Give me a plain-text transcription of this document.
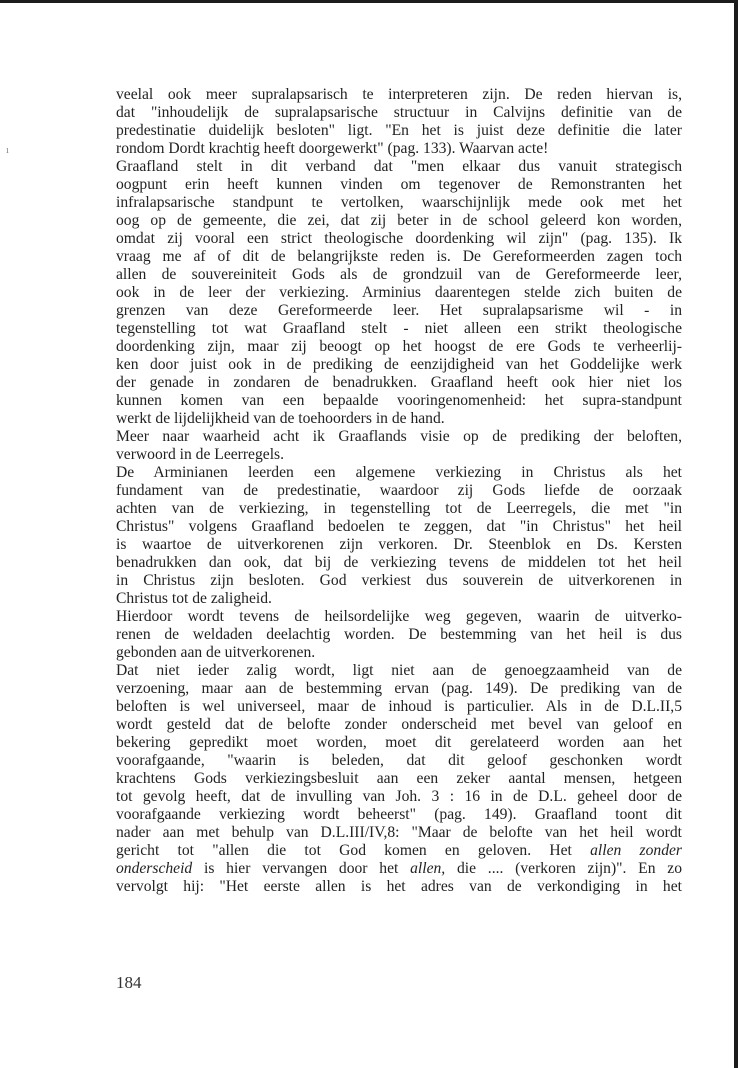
ı

veelal ook meer supralapsarisch te interpreteren zijn. De reden hiervan is,

dat "inhoudelijk de supralapsarische structuur in Calvijns definitie van de

predestinatie duidelijk besloten" ligt. "En het is juist deze definitie die later

rondom Dordt krachtig heeft doorgewerkt" (pag. 133). Waarvan acte!

Graafland stelt in dit verband dat "men elkaar dus vanuit strategisch

oogpunt erin heeft kunnen vinden om tegenover de Remonstranten het

infralapsarische standpunt te vertolken, waarschijnlijk mede ook met het

oog op de gemeente, die zei, dat zij beter in de school geleerd kon worden,

omdat zij vooral een strict theologische doordenking wil zijn" (pag. 135). Ik

vraag me af of dit de belangrijkste reden is. De Gereformeerden zagen toch

allen de souvereiniteit Gods als de grondzuil van de Gereformeerde leer,

ook in de leer der verkiezing. Arminius daarentegen stelde zich buiten de

grenzen van deze Gereformeerde leer. Het supralapsarisme wil - in

tegenstelling tot wat Graafland stelt - niet alleen een strikt theologische

doordenking zijn, maar zij beoogt op het hoogst de ere Gods te verheerlij-

ken door juist ook in de prediking de eenzijdigheid van het Goddelijke werk

der genade in zondaren de benadrukken. Graafland heeft ook hier niet los

kunnen komen van een bepaalde vooringenomenheid: het supra-standpunt

werkt de lijdelijkheid van de toehoorders in de hand.

Meer naar waarheid acht ik Graaflands visie op de prediking der beloften,

verwoord in de Leerregels.

De Arminianen leerden een algemene verkiezing in Christus als het

fundament van de predestinatie, waardoor zij Gods liefde de oorzaak

achten van de verkiezing, in tegenstelling tot de Leerregels, die met "in

Christus" volgens Graafland bedoelen te zeggen, dat "in Christus" het heil

is waartoe de uitverkorenen zijn verkoren. Dr. Steenblok en Ds. Kersten

benadrukken dan ook, dat bij de verkiezing tevens de middelen tot het heil

in Christus zijn besloten. God verkiest dus souverein de uitverkorenen in

Christus tot de zaligheid.

Hierdoor wordt tevens de heilsordelijke weg gegeven, waarin de uitverko-

renen de weldaden deelachtig worden. De bestemming van het heil is dus

gebonden aan de uitverkorenen.

Dat niet ieder zalig wordt, ligt niet aan de genoegzaamheid van de

verzoening, maar aan de bestemming ervan (pag. 149). De prediking van de

beloften is wel universeel, maar de inhoud is particulier. Als in de D.L.II,5

wordt gesteld dat de belofte zonder onderscheid met bevel van geloof en

bekering gepredikt moet worden, moet dit gerelateerd worden aan het

voorafgaande, "waarin is beleden, dat dit geloof geschonken wordt

krachtens Gods verkiezingsbesluit aan een zeker aantal mensen, hetgeen

tot gevolg heeft, dat de invulling van Joh. 3 : 16 in de D.L. geheel door de

voorafgaande verkiezing wordt beheerst" (pag. 149). Graafland toont dit

nader aan met behulp van D.L.III/IV,8: "Maar de belofte van het heil wordt

gericht tot "allen die tot God komen en geloven. Het allen zonder

onderscheid is hier vervangen door het allen, die .... (verkoren zijn)". En zo

vervolgt hij: "Het eerste allen is het adres van de verkondiging in het

184
